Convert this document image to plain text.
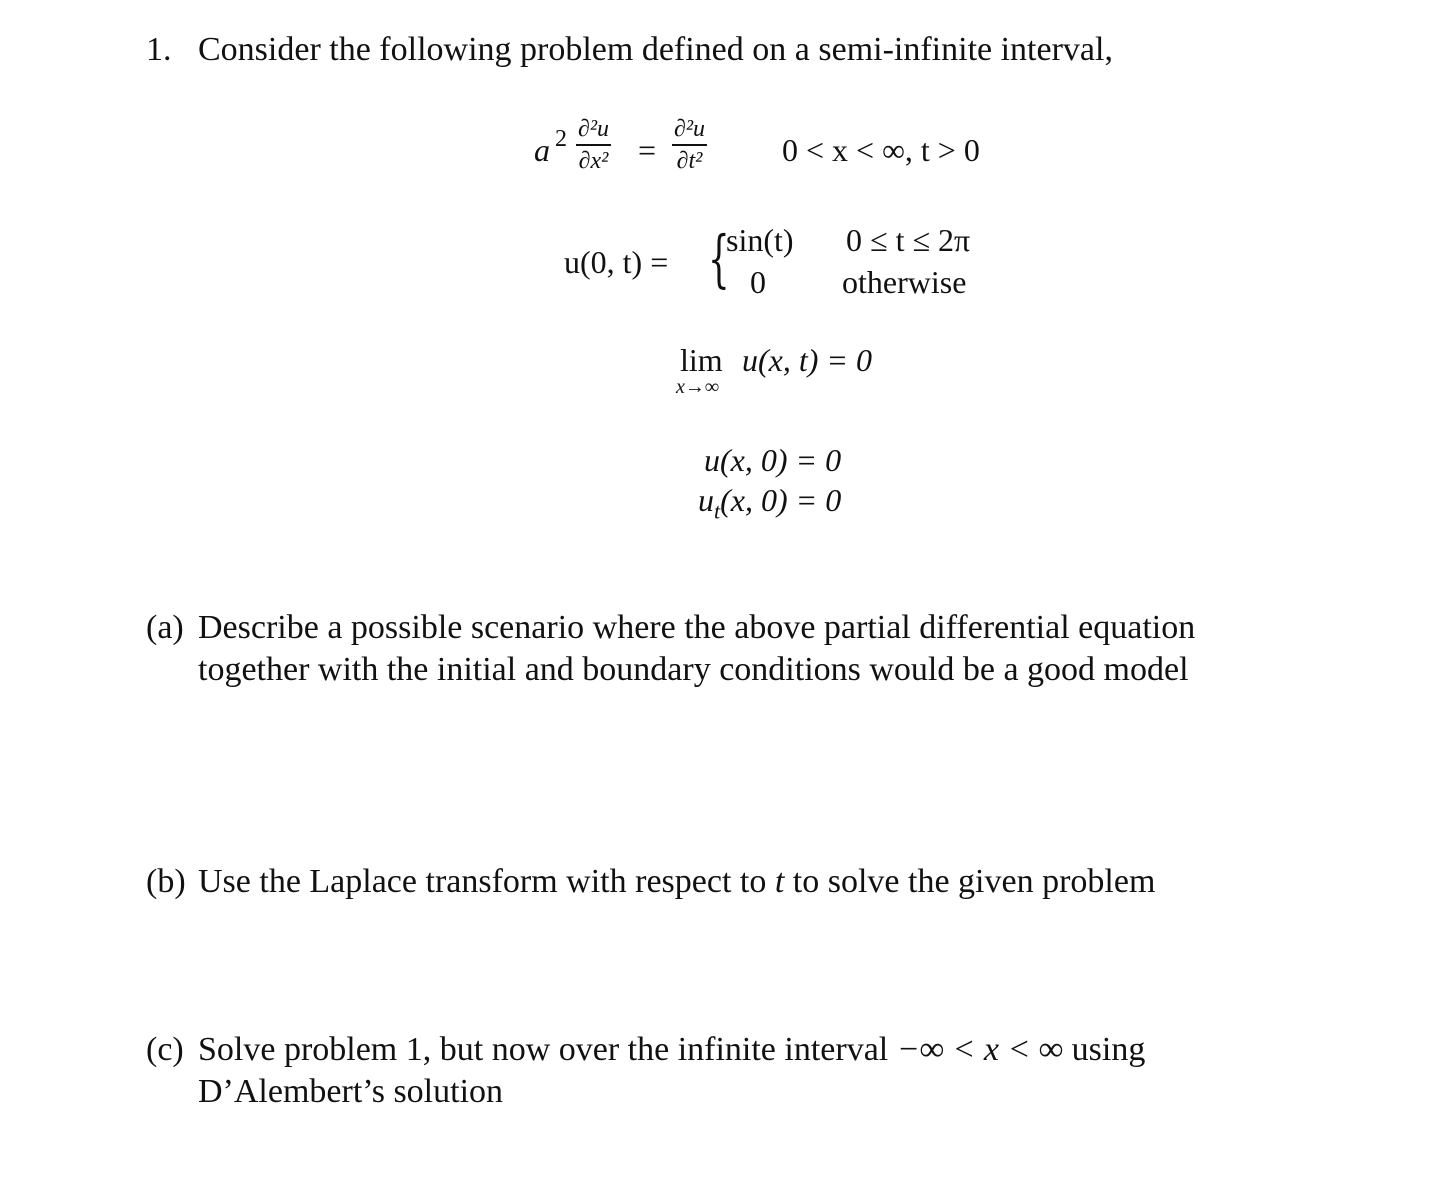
1. Consider the following problem defined on a semi-infinite interval,
a 2 ∂²u
∂x² =
∂²u
∂t² 0 < x < ∞, t > 0
u(0, t) = {
sin(t) 0 ≤ t ≤ 2π
0 otherwise
lim
x→∞
u(x, t) = 0
u(x, 0) = 0
$u_t(x$, 0) = 0
(a) Describe a possible scenario where the above partial differential equation
together with the initial and boundary conditions would be a good model
(b) Use the Laplace transform with respect to t to solve the given problem
(c) Solve problem 1, but now over the infinite interval −∞ < x < ∞ using
D’Alembert’s solution
